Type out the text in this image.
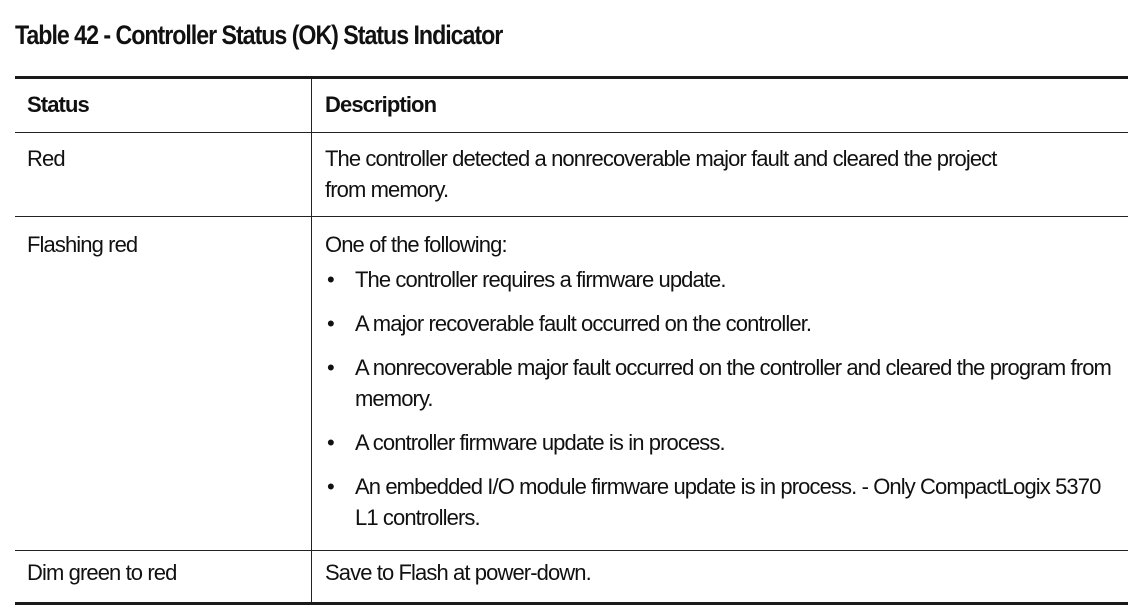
Table 42 - Controller Status (OK) Status Indicator
Status	Description
Red	The controller detected a nonrecoverable major fault and cleared the project from memory.
Flashing red	One of the following:
• The controller requires a firmware update.
• A major recoverable fault occurred on the controller.
• A nonrecoverable major fault occurred on the controller and cleared the program from memory.
• A controller firmware update is in process.
• An embedded I/O module firmware update is in process. - Only CompactLogix 5370 L1 controllers.
Dim green to red	Save to Flash at power-down.
